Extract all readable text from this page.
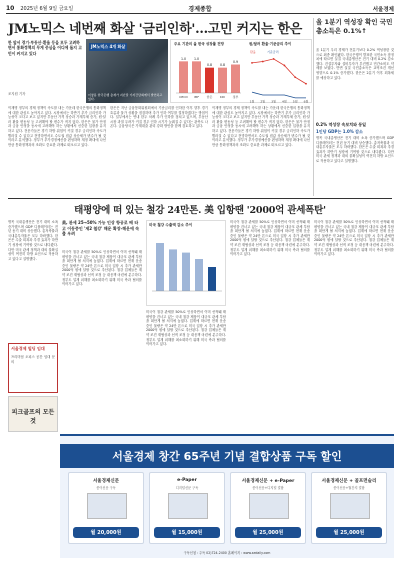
10 2025년 6월 9일 금요일	경제종합	서울경제
JM노믹스 네번째 화살 '금리인하'…고민 커지는 한은
한 앞서 경기·부동산·환율 등을 모두 고려하면서 통화정책의 무게 중심을 어디에 둘지 고민이 커지고 있다
조지원 기자
JM노믹스 4개 화살
이창용 한국은행 총재가 지난달 기자간담회에서 발언하고 있다.
주요 기관의 올 한국 성장률 전망	원/달러 환율·기준금리 추이
1.0
OECD
1.0
IMF
0.8
한은
0.8
KDI
0.9
정부
1월 2월 3월 4월 5월 6월
환율	기준금리
이재명 정부의 경제 정책이 속도를 내는 가운데 한국은행의 통화정책에 대한 관심도 높아지고 있다. 시장에서는 하반기 추가 금리인하 가능성이 크다고 보고 있지만 부동산 가격 상승과 가계부채 증가, 원·달러 환율 변동성 등 고려해야 할 변수가 적지 않다. 한은은 물가 안정과 금융 안정을 동시에 고려해야 하는 상황에서 신중한 입장을 유지하고 있다. 전문가들은 경기 하방 위험이 커질 경우 금리인하 속도가 빨라질 수 있다고 전망하면서도 수도권 집값 상승세가 변수가 될 것이라고 분석했다. 정부가 추가경정예산을 편성하며 재정 확대에 나선 만큼 통화정책과의 조화도 중요한 과제로 떠오르고 있다.
한은은 지난 금융통화위원회에서 기준금리를 인하한 이후 향후 경기 흐름과 물가 상황을 점검하며 추가 인하 여부를 결정하겠다는 방침이다. 일부에서는 연내 한두 차례 추가 인하를 점치고 있으며, 부동산 시장 과열 우려가 커질 경우 인하 시기가 늦춰질 수 있다는 관측도 나온다. 금융당국은 가계대출 관리 강화 방안을 함께 검토하고 있다.
이재명 정부의 경제 정책이 속도를 내는 가운데 한국은행의 통화정책에 대한 관심도 높아지고 있다. 시장에서는 하반기 추가 금리인하 가능성이 크다고 보고 있지만 부동산 가격 상승과 가계부채 증가, 원·달러 환율 변동성 등 고려해야 할 변수가 적지 않다. 한은은 물가 안정과 금융 안정을 동시에 고려해야 하는 상황에서 신중한 입장을 유지하고 있다. 전문가들은 경기 하방 위험이 커질 경우 금리인하 속도가 빨라질 수 있다고 전망하면서도 수도권 집값 상승세가 변수가 될 것이라고 분석했다. 정부가 추가경정예산을 편성하며 재정 확대에 나선 만큼 통화정책과의 조화도 중요한 과제로 떠오르고 있다.
올 1분기 역성장 확인 국민총소득은 0.1%↑
올 1분기 우리 경제가 전분기보다 0.2% 역성장한 것으로 최종 확인됐다. 한국은행이 발표한 국민소득 잠정치에 따르면 실질 국내총생산은 전기 대비 0.2% 감소했다. 건설투자와 설비투자가 부진했고 민간소비도 약세를 보였다. 반면 실질 국민총소득은 교역조건 개선 영향으로 0.1% 증가했다. 한은은 2분기 이후 회복세를 예상하고 있다.
0.2% 역성장 속보치와 동일
1인당 GDP는 1.0% 감소
명목 국내총생산은 전기 대비 소폭 증가했으며 GDP 디플레이터는 전년 동기 대비 상승했다. 총저축률과 국내총투자율은 모두 하락했다. 한은은 수출 회복과 추경 효과가 하반기 성장에 기여할 것으로 내다봤다. 다만 미국 관세 정책과 대외 불확실성이 여전히 하방 요인으로 작용하고 있다고 설명했다.
태평양에 떠 있는 철강 24만톤. 美 입항땐 '2000억 관세폭탄'
美, 관세 25→50% 가능 인상 항공로 배 타고 이동중인 '제2 철강' 해운 확장-해운에 속출 우려
미국이 철강 관세를 50%로 인상하면서 이미 선적돼 태평양을 건너고 있는 국내 철강 제품이 대규모 관세 부담을 떠안게 될 처지에 놓였다. 업계에 따르면 현재 운송 중인 물량은 약 24만 톤으로 미국 입항 시 추가 관세만 2000억 원에 달할 것으로 추산된다. 철강 업체들은 계약 조건 재협상과 선적 조정 등 대응책 마련에 분주하다. 정부도 업계 피해를 최소화하기 위해 미국 측과 협의를 이어가고 있다.
미국 철강 수출액 감소 추이
미국이 철강 관세를 50%로 인상하면서 이미 선적돼 태평양을 건너고 있는 국내 철강 제품이 대규모 관세 부담을 떠안게 될 처지에 놓였다. 업계에 따르면 현재 운송 중인 물량은 약 24만 톤으로 미국 입항 시 추가 관세만 2000억 원에 달할 것으로 추산된다. 철강 업체들은 계약 조건 재협상과 선적 조정 등 대응책 마련에 분주하다. 정부도 업계 피해를 최소화하기 위해 미국 측과 협의를 이어가고 있다.
미국이 철강 관세를 50%로 인상하면서 이미 선적돼 태평양을 건너고 있는 국내 철강 제품이 대규모 관세 부담을 떠안게 될 처지에 놓였다. 업계에 따르면 현재 운송 중인 물량은 약 24만 톤으로 미국 입항 시 추가 관세만 2000억 원에 달할 것으로 추산된다. 철강 업체들은 계약 조건 재협상과 선적 조정 등 대응책 마련에 분주하다. 정부도 업계 피해를 최소화하기 위해 미국 측과 협의를 이어가고 있다.
미국이 철강 관세를 50%로 인상하면서 이미 선적돼 태평양을 건너고 있는 국내 철강 제품이 대규모 관세 부담을 떠안게 될 처지에 놓였다. 업계에 따르면 현재 운송 중인 물량은 약 24만 톤으로 미국 입항 시 추가 관세만 2000억 원에 달할 것으로 추산된다. 철강 업체들은 계약 조건 재협상과 선적 조정 등 대응책 마련에 분주하다. 정부도 업계 피해를 최소화하기 위해 미국 측과 협의를 이어가고 있다.
명목 국내총생산은 전기 대비 소폭 증가했으며 GDP 디플레이터는 전년 동기 대비 상승했다. 총저축률과 국내총투자율은 모두 하락했다. 한은은 수출 회복과 추경 효과가 하반기 성장에 기여할 것으로 내다봤다. 다만 미국 관세 정책과 대외 불확실성이 여전히 하방 요인으로 작용하고 있다고 설명했다.
서울경제 빌딩 임대
프리미엄 오피스 공간 임대 문의
피크골프의 모든 것
서울경제 창간 65주년 기념 결합상품 구독 할인
서울경제신문
종이신문 구독
월 20,000원
e-Paper
디지털신문 구독
월 15,000원
서울경제신문 + e-Paper
종이신문+디지털 결합
월 25,000원
서울경제신문 + 골프먼슬리
종이신문+월간지 결합
월 25,000원
구독신청 : 주독 02)724-2400 홈페이지 : www.sedaily.com
